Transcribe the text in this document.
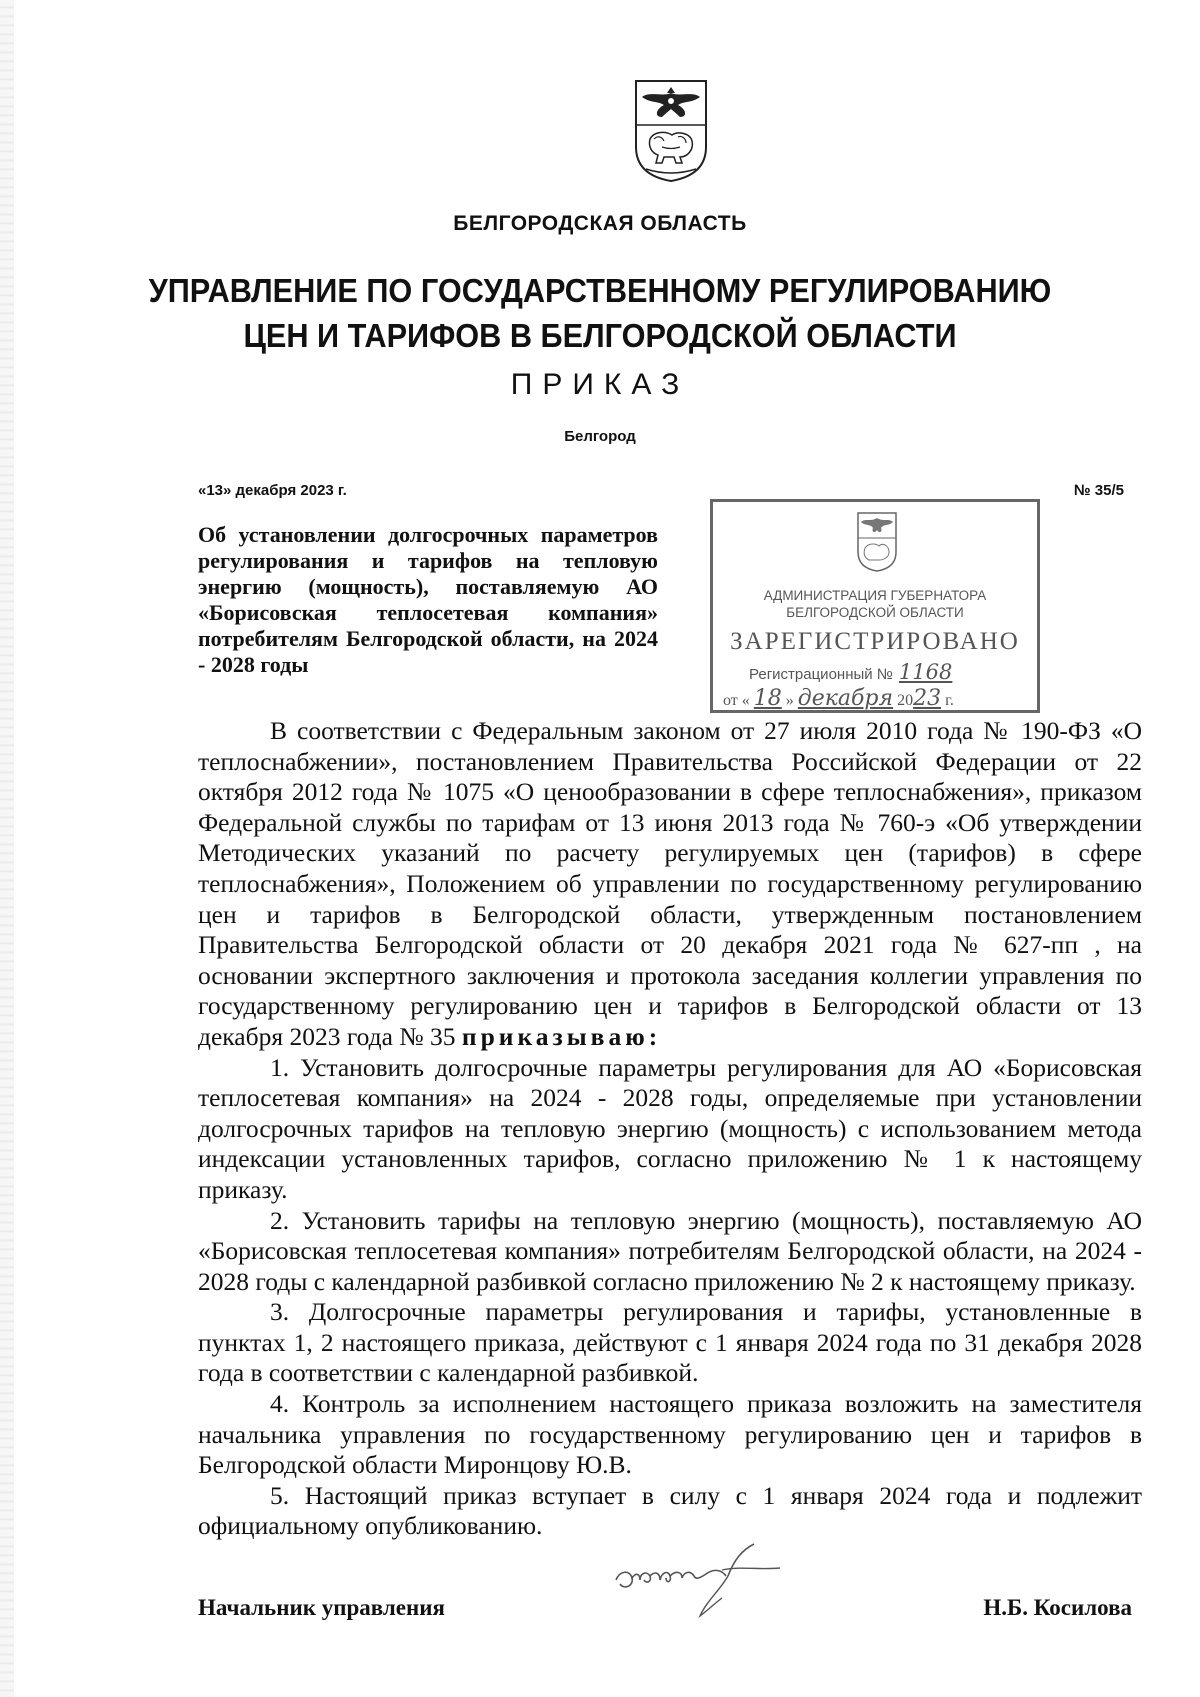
БЕЛГОРОДСКАЯ ОБЛАСТЬ
УПРАВЛЕНИЕ ПО ГОСУДАРСТВЕННОМУ РЕГУЛИРОВАНИЮ
ЦЕН И ТАРИФОВ В БЕЛГОРОДСКОЙ ОБЛАСТИ
ПРИКАЗ
Белгород
«13» декабря 2023 г.	№ 35/5
Об установлении долгосрочных параметров регулирования и тарифов на тепловую энергию (мощность), поставляемую АО «Борисовская теплосетевая компания» потребителям Белгородской области, на 2024 - 2028 годы
АДМИНИСТРАЦИЯ ГУБЕРНАТОРА
БЕЛГОРОДСКОЙ ОБЛАСТИ
ЗАРЕГИСТРИРОВАНО
Регистрационный № 1168
от « 18 » декабря 2023 г.

В соответствии с Федеральным законом от 27 июля 2010 года № 190-ФЗ «О теплоснабжении», постановлением Правительства Российской Федерации от 22 октября 2012 года № 1075 «О ценообразовании в сфере теплоснабжения», приказом Федеральной службы по тарифам от 13 июня 2013 года № 760-э «Об утверждении Методических указаний по расчету регулируемых цен (тарифов) в сфере теплоснабжения», Положением об управлении по государственному регулированию цен и тарифов в Белгородской области, утвержденным постановлением Правительства Белгородской области от 20 декабря 2021 года № 627-пп , на основании экспертного заключения и протокола заседания коллегии управления по государственному регулированию цен и тарифов в Белгородской области от 13 декабря 2023 года № 35 приказываю:

1. Установить долгосрочные параметры регулирования для АО «Борисовская теплосетевая компания» на 2024 - 2028 годы, определяемые при установлении долгосрочных тарифов на тепловую энергию (мощность) с использованием метода индексации установленных тарифов, согласно приложению № 1 к настоящему приказу.

2. Установить тарифы на тепловую энергию (мощность), поставляемую АО «Борисовская теплосетевая компания» потребителям Белгородской области, на 2024 - 2028 годы с календарной разбивкой согласно приложению № 2 к настоящему приказу.

3. Долгосрочные параметры регулирования и тарифы, установленные в пунктах 1, 2 настоящего приказа, действуют с 1 января 2024 года по 31 декабря 2028 года в соответствии с календарной разбивкой.

4. Контроль за исполнением настоящего приказа возложить на заместителя начальника управления по государственному регулированию цен и тарифов в Белгородской области Миронцову Ю.В.

5. Настоящий приказ вступает в силу с 1 января 2024 года и подлежит официальному опубликованию.

Начальник управления	Н.Б. Косилова
